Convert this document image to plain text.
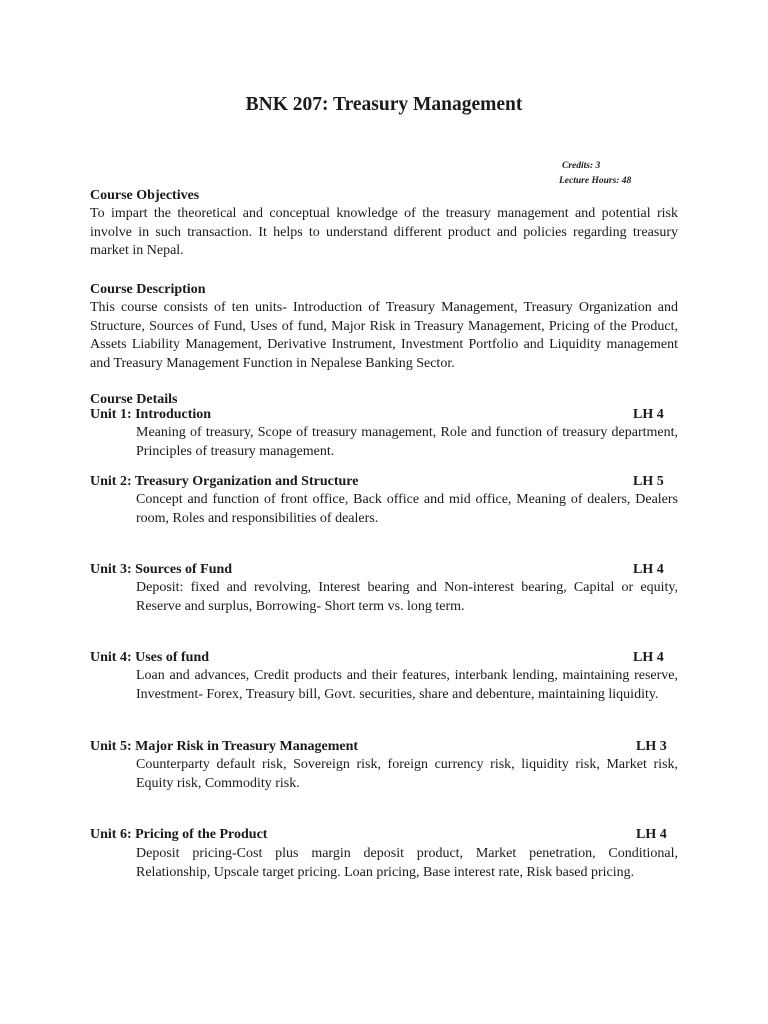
BNK 207: Treasury Management
Credits: 3
Lecture Hours: 48
Course Objectives
To impart the theoretical and conceptual knowledge of the treasury management and potential risk involve in such transaction. It helps to understand different product and policies regarding treasury market in Nepal.
Course Description
This course consists of ten units- Introduction of Treasury Management, Treasury Organization and Structure, Sources of Fund, Uses of fund, Major Risk in Treasury Management, Pricing of the Product, Assets Liability Management, Derivative Instrument, Investment Portfolio and Liquidity management and Treasury Management Function in Nepalese Banking Sector.
Course Details
Unit 1: Introduction	LH 4
Meaning of treasury, Scope of treasury management, Role and function of treasury department, Principles of treasury management.
Unit 2: Treasury Organization and Structure	LH 5
Concept and function of front office, Back office and mid office, Meaning of dealers, Dealers room, Roles and responsibilities of dealers.
Unit 3: Sources of Fund	LH 4
Deposit: fixed and revolving, Interest bearing and Non-interest bearing, Capital or equity, Reserve and surplus, Borrowing- Short term vs. long term.
Unit 4: Uses of fund	LH 4
Loan and advances, Credit products and their features, interbank lending, maintaining reserve, Investment- Forex, Treasury bill, Govt. securities, share and debenture, maintaining liquidity.
Unit 5: Major Risk in Treasury Management	LH 3
Counterparty default risk, Sovereign risk, foreign currency risk, liquidity risk, Market risk, Equity risk, Commodity risk.
Unit 6: Pricing of the Product	LH 4
Deposit pricing-Cost plus margin deposit product, Market penetration, Conditional, Relationship, Upscale target pricing. Loan pricing, Base interest rate, Risk based pricing.
